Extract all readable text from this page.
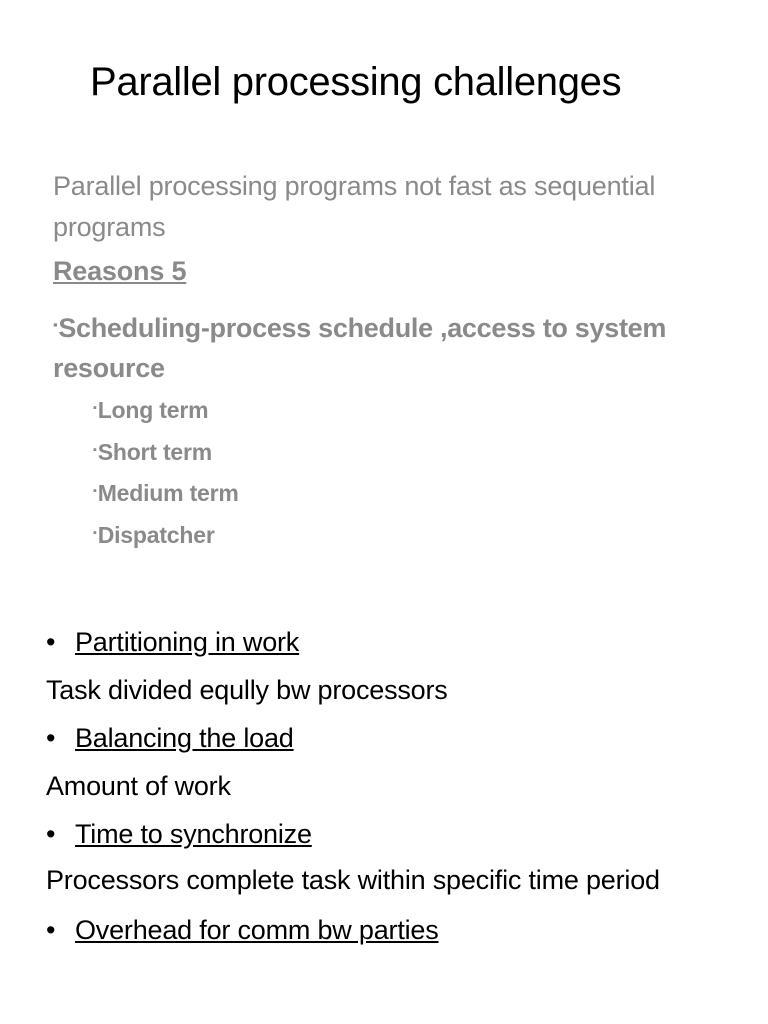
Parallel processing challenges
Parallel processing programs not fast as sequential programs
Reasons 5
▪Scheduling-process schedule ,access to system resource
▪Long term
▪Short term
▪Medium term
▪Dispatcher
• Partitioning in work
Task divided eqully bw processors
• Balancing the load
Amount of work
• Time to synchronize
Processors complete task within specific time period
• Overhead for comm bw parties
